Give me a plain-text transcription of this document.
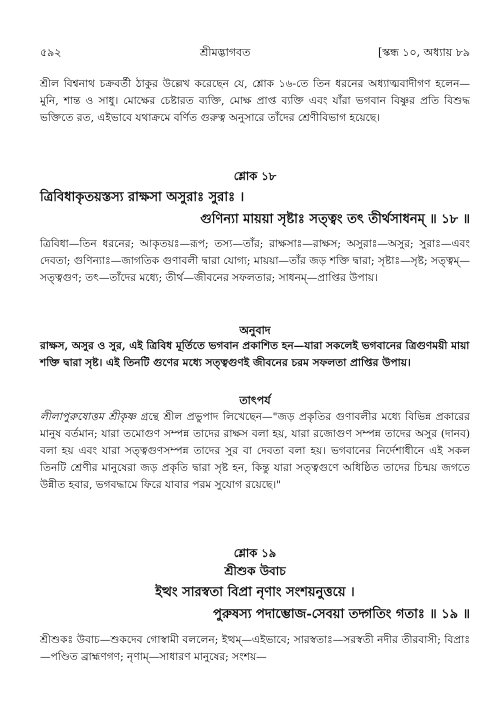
৫৯২	শ্রীমদ্ভাগবত	[স্কন্ধ ১০, অধ্যায় ৮৯
শ্রীল বিশ্বনাথ চক্রবর্তী ঠাকুর উল্লেখ করেছেন যে, শ্লোক ১৬-তে তিন ধরনের অধ্যাত্মবাদীগণ হলেন—মুনি, শান্ত ও সাধু। মোক্ষের চেষ্টারত ব্যক্তি, মোক্ষ প্রাপ্ত ব্যক্তি এবং যাঁরা ভগবান বিষ্ণুর প্রতি বিশুদ্ধ ভক্তিতে রত, এইভাবে যথাক্রমে বর্ণিত গুরুত্ব অনুসারে তাঁদের শ্রেণীবিভাগ হয়েছে।
শ্লোক ১৮
ত্রিবিধাকৃতয়স্তস্য রাক্ষসা অসুরাঃ সুরাঃ ।
গুণিন্যা মায়য়া সৃষ্টাঃ সত্ত্বং তৎ তীর্থসাধনম্ ॥ ১৮ ॥
ত্রিবিধা—তিন ধরনের; আকৃতয়ঃ—রূপ; তস্য—তাঁর; রাক্ষসাঃ—রাক্ষস; অসুরাঃ—অসুর; সুরাঃ—এবং দেবতা; গুণিন্যাঃ—জাগতিক গুণাবলী দ্বারা যোগ্য; মায়য়া—তাঁর জড় শক্তি দ্বারা; সৃষ্টাঃ—সৃষ্ট; সত্ত্বম্—সত্ত্বগুণ; তৎ—তাঁদের মধ্যে; তীর্থ—জীবনের সফলতার; সাধনম্—প্রাপ্তির উপায়।
অনুবাদ
রাক্ষস, অসুর ও সুর, এই ত্রিবিধ মূর্তিতে ভগবান প্রকাশিত হন—যারা সকলেই ভগবানের ত্রিগুণময়ী মায়া শক্তি দ্বারা সৃষ্ট। এই তিনটি গুণের মধ্যে সত্ত্বগুণই জীবনের চরম সফলতা প্রাপ্তির উপায়।
তাৎপর্য
লীলাপুরুষোত্তম শ্রীকৃষ্ণ গ্রন্থে শ্রীল প্রভুপাদ লিখেছেন—"জড় প্রকৃতির গুণাবলীর মধ্যে বিভিন্ন প্রকারের মানুষ বর্তমান; যারা তমোগুণ সম্পন্ন তাদের রাক্ষস বলা হয়, যারা রজোগুণ সম্পন্ন তাদের অসুর (দানব) বলা হয় এবং যারা সত্ত্বগুণসম্পন্ন তাদের সুর বা দেবতা বলা হয়। ভগবানের নির্দেশাধীনে এই সকল তিনটি শ্রেণীর মানুষেরা জড় প্রকৃতি দ্বারা সৃষ্ট হন, কিন্তু যারা সত্ত্বগুণে অধিষ্ঠিত তাদের চিন্ময় জগতে উন্নীত হবার, ভগবদ্ধামে ফিরে যাবার পরম সুযোগ রয়েছে।"
শ্লোক ১৯
শ্রীশুক উবাচ
ইত্থং সারস্বতা বিপ্রা নৃণাং সংশয়নুত্তয়ে ।
পুরুষস্য পদাম্ভোজ-সেবয়া তদ্গতিং গতাঃ ॥ ১৯ ॥
শ্রীশুকঃ উবাচ—শুকদেব গোস্বামী বললেন; ইত্থম্—এইভাবে; সারস্বতাঃ—সরস্বতী নদীর তীরবাসী; বিপ্রাঃ—পণ্ডিত ব্রাহ্মণগণ; নৃণাম্—সাধারণ মানুষের; সংশয়—
